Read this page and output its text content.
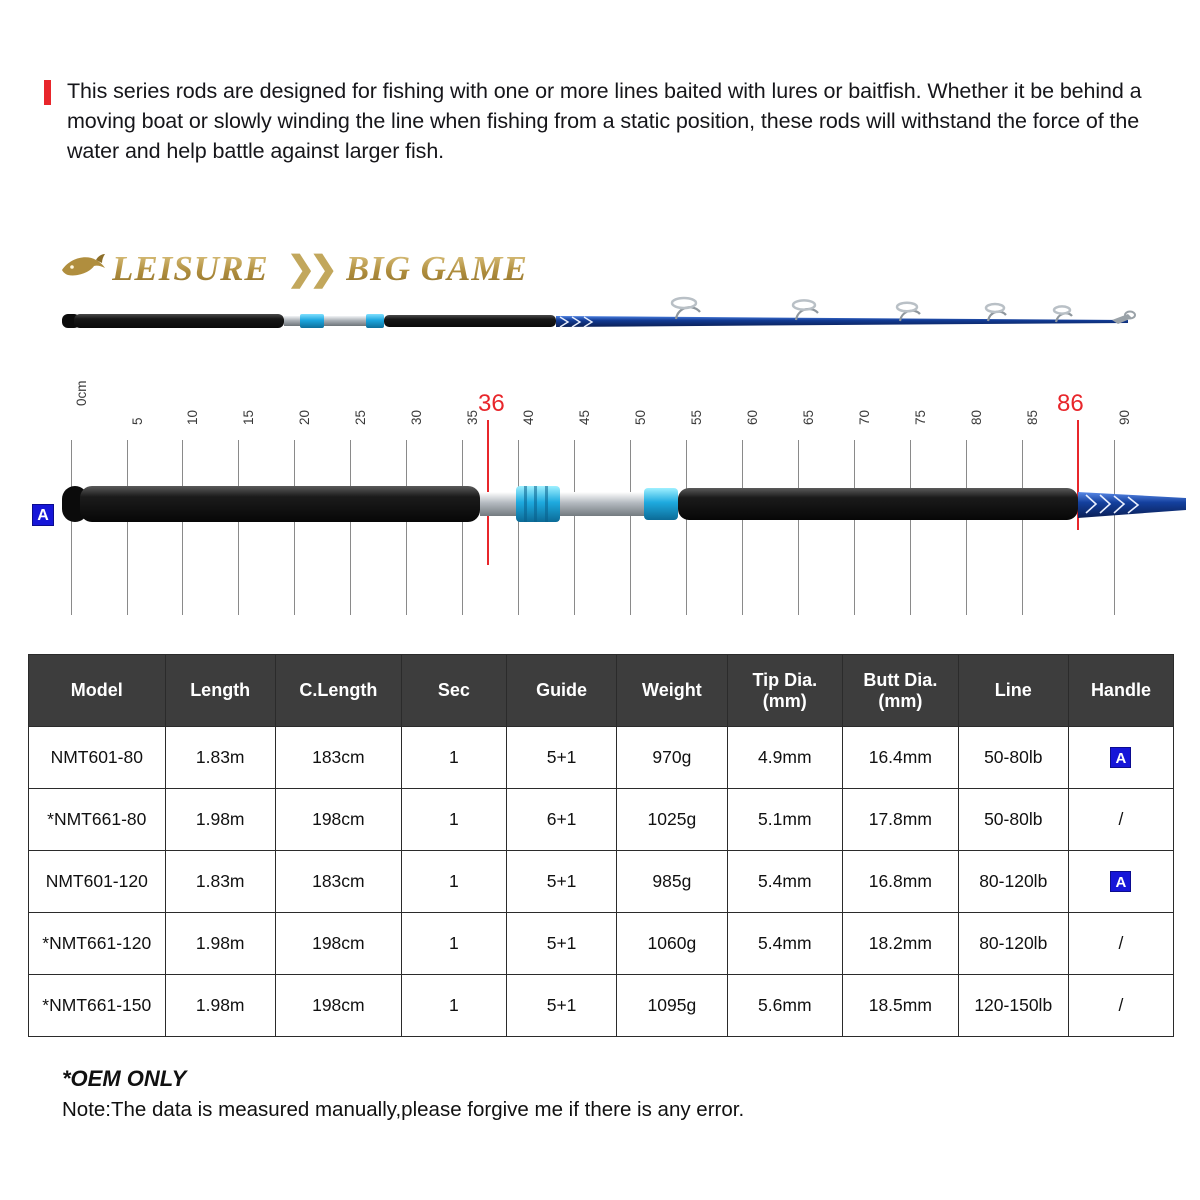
This series rods are designed for fishing with one or more lines baited with lures or baitfish. Whether it be behind a moving boat or slowly winding the line when fishing from a static position, these rods will withstand the force of the water and help battle against larger fish.
LEISURE ❯❯ BIG GAME
36	86
0cm
5	10	15	20	25	30	35	40	45	50	55	60	65	70	75	80	85	90
A
Model	Length	C.Length	Sec	Guide	Weight	Tip Dia.
(mm)	Butt Dia.
(mm)	Line	Handle
NMT601-80	1.83m	183cm	1	5+1	970g	4.9mm	16.4mm	50-80lb	A
*NMT661-80	1.98m	198cm	1	6+1	1025g	5.1mm	17.8mm	50-80lb	/
NMT601-120	1.83m	183cm	1	5+1	985g	5.4mm	16.8mm	80-120lb	A
*NMT661-120	1.98m	198cm	1	5+1	1060g	5.4mm	18.2mm	80-120lb	/
*NMT661-150	1.98m	198cm	1	5+1	1095g	5.6mm	18.5mm	120-150lb	/
*OEM ONLY
Note:The data is measured manually,please forgive me if there is any error.
